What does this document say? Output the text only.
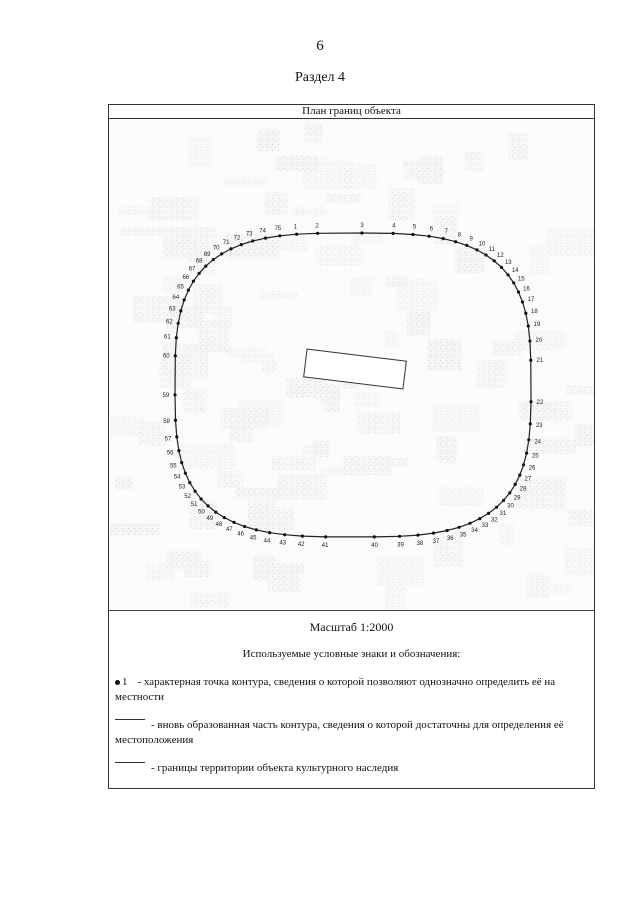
6
Раздел 4
План границ объекта
1	2	3	4	5 6 7
8
9
10
11
12
13
14
15
16
17
18
19
20
21
22
23
24
25
26
27
28
29
30
31
32
33
34
35
36
37
38
39
40
41
42
43
44
45
46
47
48
49
50
51
52
53
54
55
56
57
58
59
60
61
62
63
64
65
66
67
68
69
70
71
72
73
74 75
Масштаб 1:2000
Используемые условные знаки и обозначения:
1 - характерная точка контура, сведения о которой позволяют однозначно определить её на местности
- вновь образованная часть контура, сведения о которой достаточны для определения её местоположения
- границы территории объекта культурного наследия
